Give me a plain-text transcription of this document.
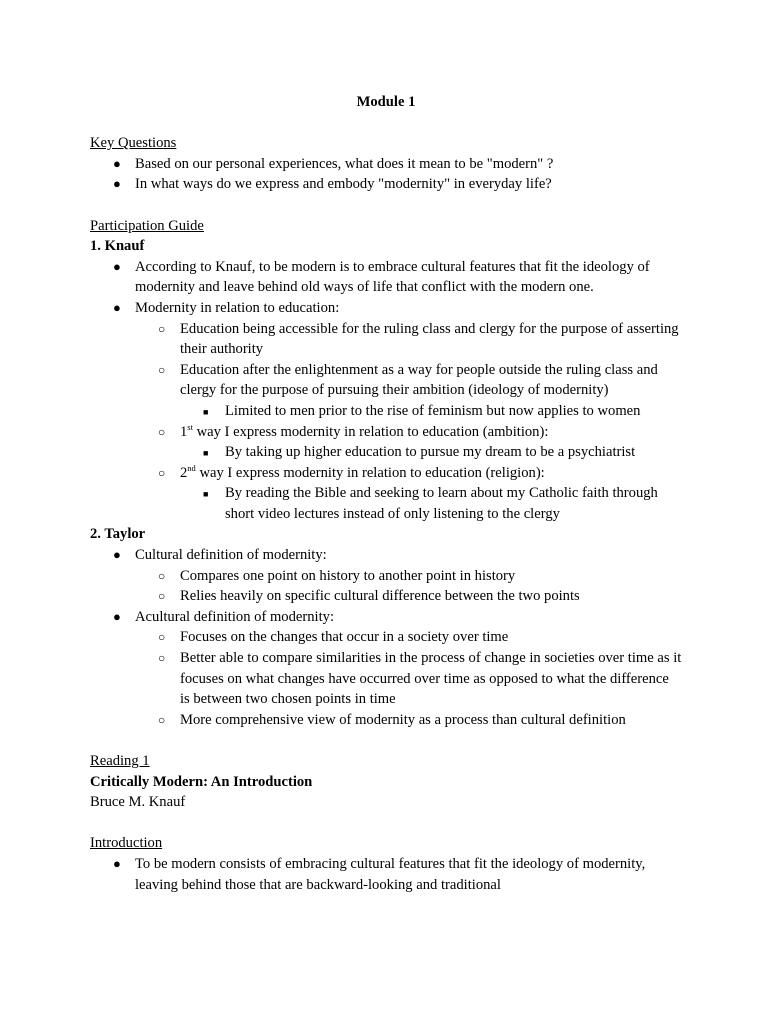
Module 1
Key Questions
● Based on our personal experiences, what does it mean to be "modern" ?
● In what ways do we express and embody "modernity" in everyday life?
Participation Guide
1. Knauf
● According to Knauf, to be modern is to embrace cultural features that fit the ideology of modernity and leave behind old ways of life that conflict with the modern one.
● Modernity in relation to education:
○ Education being accessible for the ruling class and clergy for the purpose of asserting their authority
○ Education after the enlightenment as a way for people outside the ruling class and clergy for the purpose of pursuing their ambition (ideology of modernity)
■ Limited to men prior to the rise of feminism but now applies to women
○ 1st way I express modernity in relation to education (ambition):
■ By taking up higher education to pursue my dream to be a psychiatrist
○ 2nd way I express modernity in relation to education (religion):
■ By reading the Bible and seeking to learn about my Catholic faith through short video lectures instead of only listening to the clergy
2. Taylor
● Cultural definition of modernity:
○ Compares one point on history to another point in history
○ Relies heavily on specific cultural difference between the two points
● Acultural definition of modernity:
○ Focuses on the changes that occur in a society over time
○ Better able to compare similarities in the process of change in societies over time as it focuses on what changes have occurred over time as opposed to what the difference is between two chosen points in time
○ More comprehensive view of modernity as a process than cultural definition
Reading 1
Critically Modern: An Introduction
Bruce M. Knauf
Introduction
● To be modern consists of embracing cultural features that fit the ideology of modernity, leaving behind those that are backward-looking and traditional
